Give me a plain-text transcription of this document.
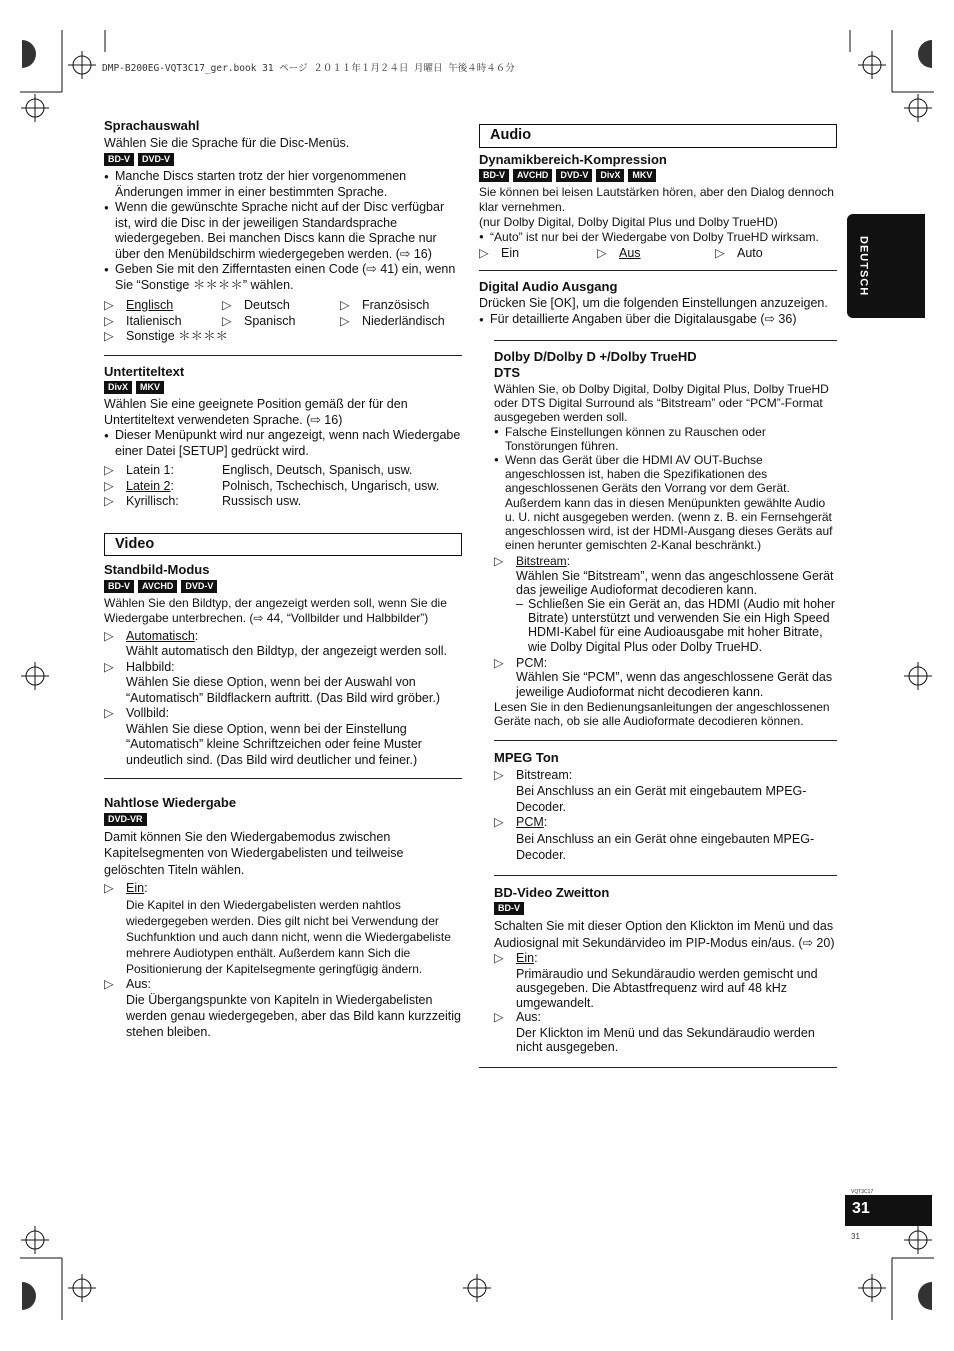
DMP-B200EG-VQT3C17_ger.book 31 ページ ２０１１年１月２４日 月曜日 午後４時４６分
DEUTSCH
Sprachauswahl

Wählen Sie die Sprache für die Disc-Menüs.

BD-V	DVD-V

● Manche Discs starten trotz der hier vorgenommenen Änderungen immer in einer bestimmten Sprache.

● Wenn die gewünschte Sprache nicht auf der Disc verfügbar ist, wird die Disc in der jeweiligen Standardsprache wiedergegeben. Bei manchen Discs kann die Sprache nur über den Menübildschirm wiedergegeben werden. (⇨ 16)

● Geben Sie mit den Zifferntasten einen Code (⇨ 41) ein, wenn Sie “Sonstige ＊＊＊＊” wählen.

▷ Englisch	▷ Deutsch	▷ Französisch
▷ Italienisch	▷ Spanisch	▷ Niederländisch
▷ Sonstige ＊＊＊＊
Untertiteltext
DivX	MKV

Wählen Sie eine geeignete Position gemäß der für den Untertiteltext verwendeten Sprache. (⇨ 16)

● Dieser Menüpunkt wird nur angezeigt, wenn nach Wiedergabe einer Datei [SETUP] gedrückt wird.

▷ Latein 1:	Englisch, Deutsch, Spanisch, usw.
▷ Latein 2:	Polnisch, Tschechisch, Ungarisch, usw.
▷ Kyrillisch:	Russisch usw.
Video
Standbild-Modus
BD-V	AVCHD	DVD-V

Wählen Sie den Bildtyp, der angezeigt werden soll, wenn Sie die Wiedergabe unterbrechen. (⇨ 44, “Vollbilder und Halbbilder”)

▷ Automatisch:

Wählt automatisch den Bildtyp, der angezeigt werden soll.

▷ Halbbild:

Wählen Sie diese Option, wenn bei der Auswahl von “Automatisch” Bildflackern auftritt. (Das Bild wird gröber.)

▷ Vollbild:

Wählen Sie diese Option, wenn bei der Einstellung “Automatisch” kleine Schriftzeichen oder feine Muster undeutlich sind. (Das Bild wird deutlicher und feiner.)

Nahtlose Wiedergabe
DVD-VR

Damit können Sie den Wiedergabemodus zwischen Kapitelsegmenten von Wiedergabelisten und teilweise gelöschten Titeln wählen.

▷ Ein:

Die Kapitel in den Wiedergabelisten werden nahtlos wiedergegeben werden. Dies gilt nicht bei Verwendung der Suchfunktion und auch dann nicht, wenn die Wiedergabeliste mehrere Audiotypen enthält. Außerdem kann Sich die Positionierung der Kapitelsegmente geringfügig ändern.

▷ Aus:

Die Übergangspunkte von Kapiteln in Wiedergabelisten werden genau wiedergegeben, aber das Bild kann kurzzeitig stehen bleiben.

Audio
Dynamikbereich-Kompression
BD-V	AVCHD	DVD-V	DivX	MKV

Sie können bei leisen Lautstärken hören, aber den Dialog dennoch klar vernehmen.

(nur Dolby Digital, Dolby Digital Plus und Dolby TrueHD)

● “Auto” ist nur bei der Wiedergabe von Dolby TrueHD wirksam.

▷ Ein	▷ Aus	▷ Auto
Digital Audio Ausgang

Drücken Sie [OK], um die folgenden Einstellungen anzuzeigen.

● Für detaillierte Angaben über die Digitalausgabe (⇨ 36)

Dolby D/Dolby D +/Dolby TrueHD
DTS

Wählen Sie, ob Dolby Digital, Dolby Digital Plus, Dolby TrueHD oder DTS Digital Surround als “Bitstream” oder “PCM”-Format ausgegeben werden soll.

● Falsche Einstellungen können zu Rauschen oder Tonstörungen führen.

● Wenn das Gerät über die HDMI AV OUT-Buchse angeschlossen ist, haben die Spezifikationen des angeschlossenen Geräts den Vorrang vor dem Gerät. Außerdem kann das in diesen Menüpunkten gewählte Audio u. U. nicht ausgegeben werden. (wenn z. B. ein Fernsehgerät angeschlossen wird, ist der HDMI-Ausgang dieses Geräts auf einen herunter gemischten 2-Kanal beschränkt.)

▷ Bitstream:

Wählen Sie “Bitstream”, wenn das angeschlossene Gerät das jeweilige Audioformat decodieren kann.

– Schließen Sie ein Gerät an, das HDMI (Audio mit hoher Bitrate) unterstützt und verwenden Sie ein High Speed HDMI-Kabel für eine Audioausgabe mit hoher Bitrate, wie Dolby Digital Plus oder Dolby TrueHD.

▷ PCM:

Wählen Sie “PCM”, wenn das angeschlossene Gerät das jeweilige Audioformat nicht decodieren kann.

Lesen Sie in den Bedienungsanleitungen der angeschlossenen Geräte nach, ob sie alle Audioformate decodieren können.

MPEG Ton

▷ Bitstream:

Bei Anschluss an ein Gerät mit eingebautem MPEG-Decoder.

▷ PCM:

Bei Anschluss an ein Gerät ohne eingebauten MPEG-Decoder.

BD-Video Zweitton
BD-V

Schalten Sie mit dieser Option den Klickton im Menü und das Audiosignal mit Sekundärvideo im PIP-Modus ein/aus. (⇨ 20)

▷ Ein:

Primäraudio und Sekundäraudio werden gemischt und ausgegeben. Die Abtastfrequenz wird auf 48 kHz umgewandelt.

▷ Aus:

Der Klickton im Menü und das Sekundäraudio werden nicht ausgegeben.

VQT3C17
31
31
